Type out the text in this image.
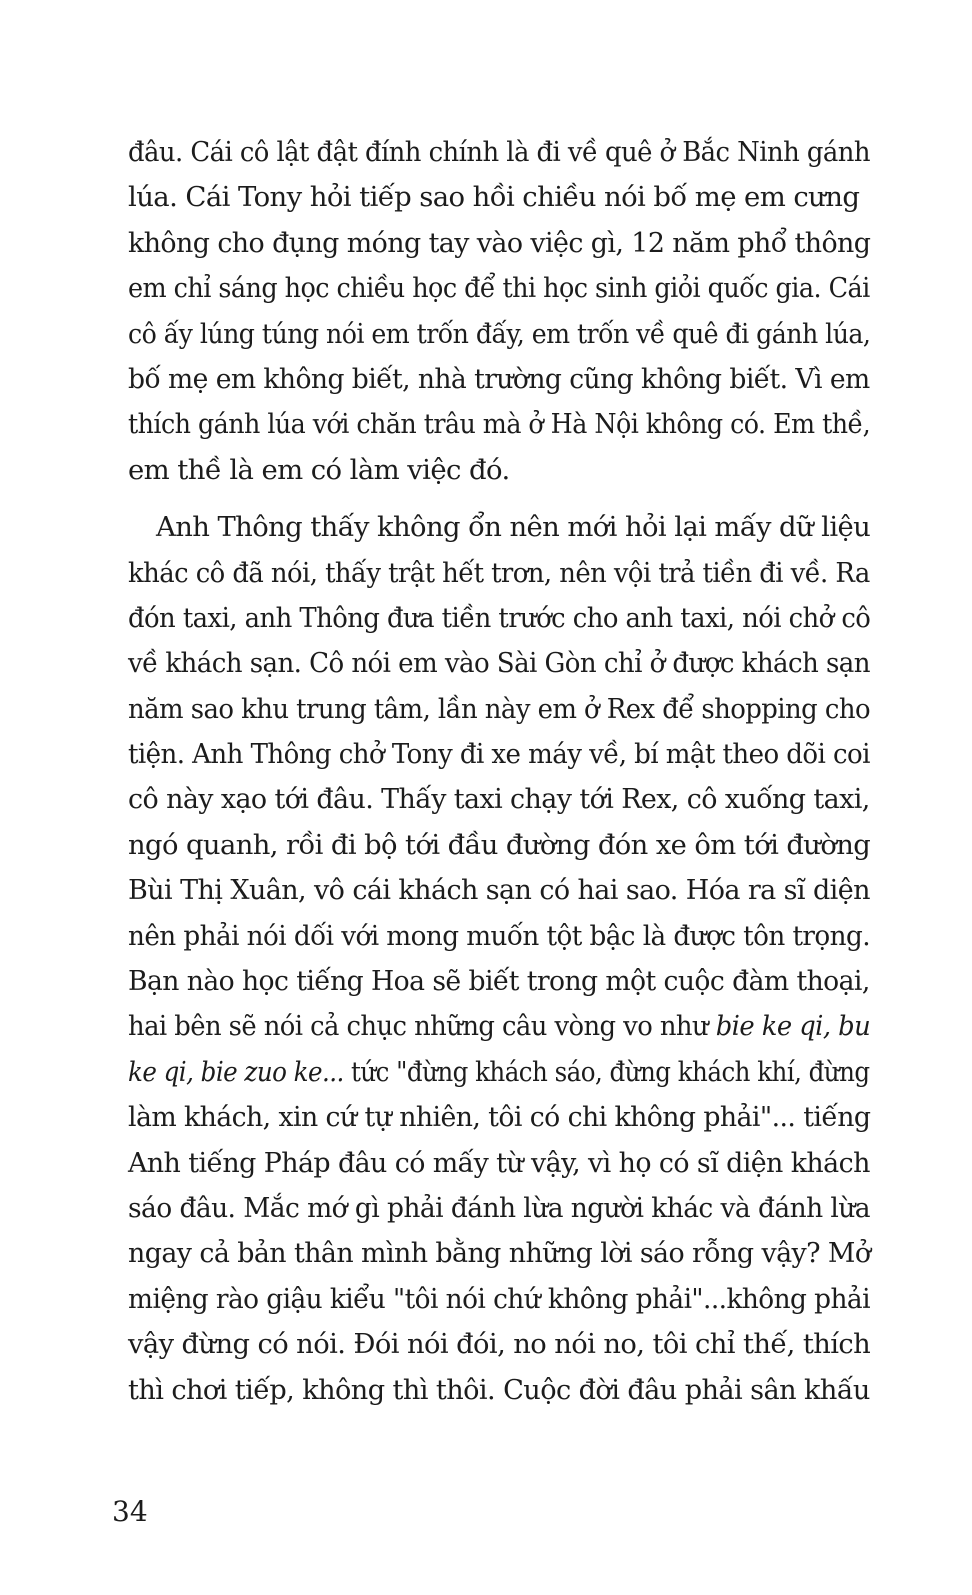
đâu. Cái cô lật đật đính chính là đi về quê ở Bắc Ninh gánh
lúa. Cái Tony hỏi tiếp sao hồi chiều nói bố mẹ em cưng
không cho đụng móng tay vào việc gì, 12 năm phổ thông
em chỉ sáng học chiều học để thi học sinh giỏi quốc gia. Cái
cô ấy lúng túng nói em trốn đấy, em trốn về quê đi gánh lúa,
bố mẹ em không biết, nhà trường cũng không biết. Vì em
thích gánh lúa với chăn trâu mà ở Hà Nội không có. Em thề,
em thề là em có làm việc đó.
Anh Thông thấy không ổn nên mới hỏi lại mấy dữ liệu
khác cô đã nói, thấy trật hết trơn, nên vội trả tiền đi về. Ra
đón taxi, anh Thông đưa tiền trước cho anh taxi, nói chở cô
về khách sạn. Cô nói em vào Sài Gòn chỉ ở được khách sạn
năm sao khu trung tâm, lần này em ở Rex để shopping cho
tiện. Anh Thông chở Tony đi xe máy về, bí mật theo dõi coi
cô này xạo tới đâu. Thấy taxi chạy tới Rex, cô xuống taxi,
ngó quanh, rồi đi bộ tới đầu đường đón xe ôm tới đường
Bùi Thị Xuân, vô cái khách sạn có hai sao. Hóa ra sĩ diện
nên phải nói dối với mong muốn tột bậc là được tôn trọng.
Bạn nào học tiếng Hoa sẽ biết trong một cuộc đàm thoại,
hai bên sẽ nói cả chục những câu vòng vo như bie ke qi, bu
ke qi, bie zuo ke... tức "đừng khách sáo, đừng khách khí, đừng
làm khách, xin cứ tự nhiên, tôi có chi không phải"... tiếng
Anh tiếng Pháp đâu có mấy từ vậy, vì họ có sĩ diện khách
sáo đâu. Mắc mớ gì phải đánh lừa người khác và đánh lừa
ngay cả bản thân mình bằng những lời sáo rỗng vậy? Mở
miệng rào giậu kiểu "tôi nói chứ không phải"...không phải
vậy đừng có nói. Đói nói đói, no nói no, tôi chỉ thế, thích
thì chơi tiếp, không thì thôi. Cuộc đời đâu phải sân khấu
34
